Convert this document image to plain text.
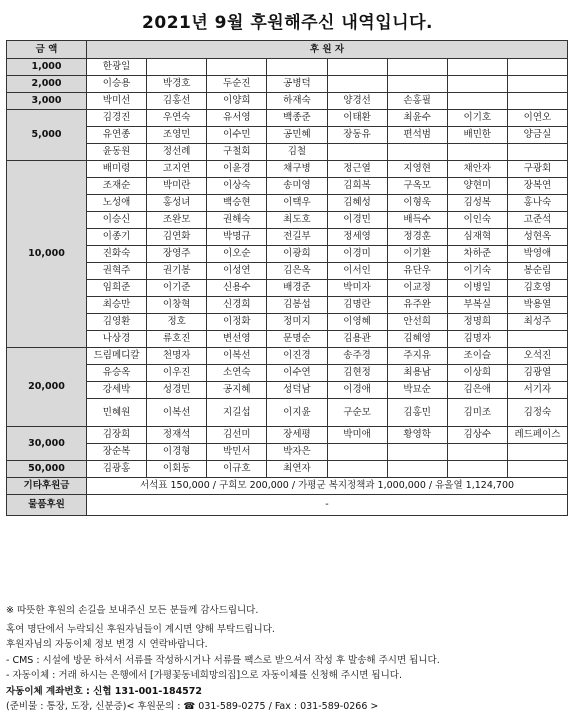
2021년 9월 후원해주신 내역입니다.
금 액	후 원 자							
1,000	한광일							
2,000	이승용	박경호	두순진	공병덕				
3,000	박미선	김홍선	이양희	하재숙	양경선	손홍필		
5,000	김경진	우연숙	유서영	백종준	이태환	최윤수	이기호	이연오
	유연종	조영민	이수민	공민혜	장동유	편석범	배민한	양금실
	윤동원	정선례	구철회	김철				
10,000	배미령	고지연	이윤경	채구병	정근열	지영현	채안자	구광회
	조재순	박미란	이상숙	송미영	김희복	구옥모	양현미	장복연
	노성애	홍성녀	백승현	이택우	김혜성	이형욱	김성복	홍나숙
	이승신	조완모	권해숙	최도호	이경민	배득수	이인숙	고준석
	이종기	김연화	박명규	전길부	정세영	정경훈	심재혁	성현옥
	진화숙	장영주	이오순	이광희	이경미	이기환	차하준	박영애
	권혁주	권기봉	이성연	김은옥	이서인	유단우	이기숙	봉순림
	임희준	이기준	신용수	배경준	박미자	이교정	이병일	김호영
	최승만	이창혁	신경희	김봉섭	김명란	유주완	부복실	박용열
	김영환	정호	이정화	정미지	이영혜	안선희	정명희	최성주
	나상경	류호진	변선영	문명순	김용관	김혜영	김명자	
20,000	드림메디칼	천명자	이복선	이진경	송주경	주지유	조이슬	오석진
	유승옥	이우진	소연숙	이수연	김현정	최용남	이상희	김광열
	강세박	성경민	공지혜	성덕남	이경애	박묘순	김은애	서기자
	민혜원	이복선	지길섭	이지윤	구순모	김홍민	김미조	김정숙
30,000	김장희	정재석	김선미	장세평	박미애	황영학	김상수	레드페이스
	장순복	이경형	박민서	박자은				
50,000	김광홍	이회동	이규호	최연자				
기타후원금	서석표 150,000 / 구희모 200,000 / 가평군 복지정책과 1,000,000 / 유올열 1,124,700							
물품후원	-							
※ 따뜻한 후원의 손길을 보내주신 모든 분들께 감사드립니다.
혹여 명단에서 누락되신 후원자님들이 계시면 양해 부탁드립니다.
후원자님의 자동이체 정보 변경 시 연락바랍니다.
- CMS : 시설에 방문 하셔서 서류를 작성하시거나 서류를 팩스로 받으셔서 작성 후 발송해 주시면 됩니다.
- 자동이체 : 거래 하시는 은행에서 [가평꽃동네희망의집]으로 자동이체를 신청해 주시면 됩니다.
자동이체 계좌번호 : 신협 131-001-184572
(준비물 : 통장, 도장, 신분증)< 후원문의 : ☎ 031-589-0275 / Fax : 031-589-0266 >
